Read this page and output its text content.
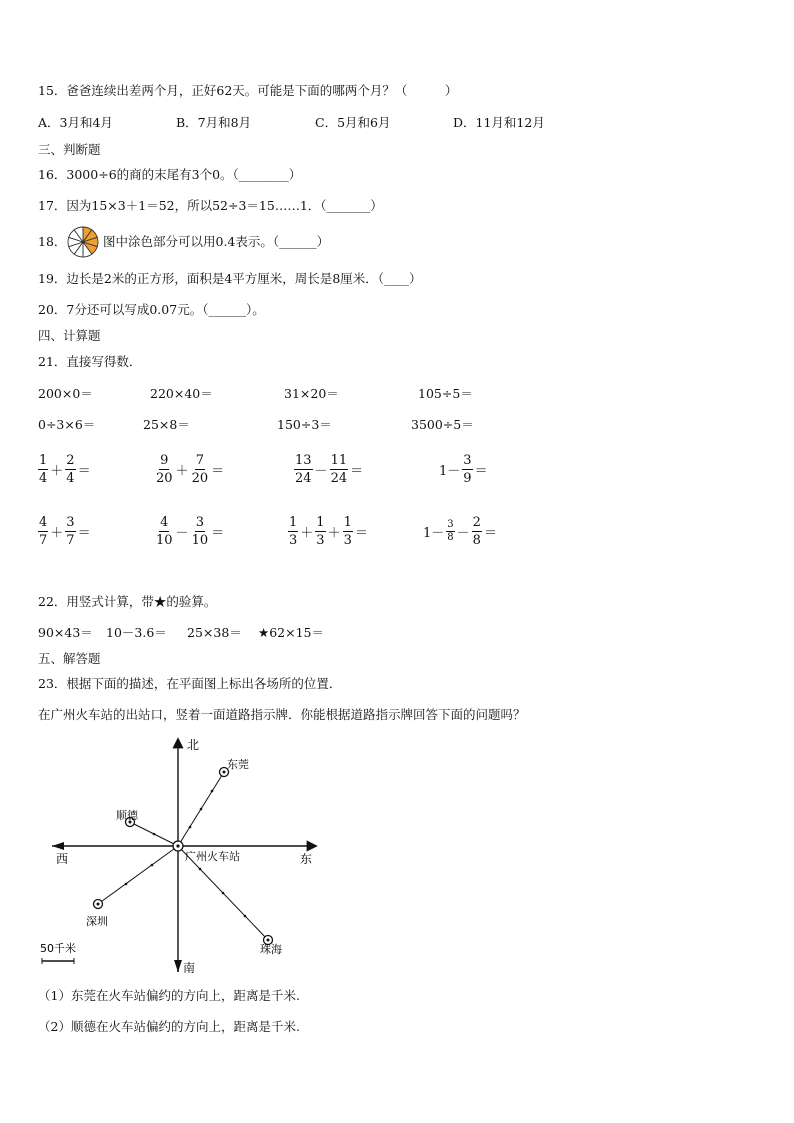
15．爸爸连续出差两个月，正好62天。可能是下面的哪两个月？（　　　）
A．3月和4月	B．7月和8月	C．5月和6月	D．11月和12月
三、判断题
16．3000÷6的商的末尾有3个0。（________）
17．因为15×3＋1＝52，所以52÷3＝15……1．（_______）
18．	图中涂色部分可以用0.4表示。（______）
19．边长是2米的正方形，面积是4平方厘米，周长是8厘米．（____）
20．7分还可以写成0.07元。（______）。
四、计算题
21．直接写得数．
200×0＝	220×40＝	31×20＝	105÷5＝
0÷3×6＝	25×8＝	150÷3＝	3500÷5＝
$\frac{1}{4} + \frac{2}{4}$ ＝	$\frac{9}{20} + \frac{7}{20}$ ＝	$\frac{13}{24} - \frac{11}{24}$ ＝	$1- \frac{3}{9}$ ＝
$\frac{4}{7} + \frac{3}{7}$ ＝	$\frac{4}{10} - \frac{3}{10}$ ＝	$\frac{1}{3} + \frac{1}{3} + \frac{1}{3}$ ＝	$1- \frac{3}{8} - \frac{2}{8}$ ＝
22．用竖式计算，带★的验算。
90×43＝ 10－3.6＝ 25×38＝ ★62×15＝
五、解答题
23．根据下面的描述，在平面图上标出各场所的位置．
在广州火车站的出站口，竖着一面道路指示牌．你能根据道路指示牌回答下面的问题吗？
北
南
东
西	广州火车站
东莞
顺德
深圳
珠海
50千米
（1）东莞在火车站偏约的方向上，距离是千米.
（2）顺德在火车站偏约的方向上，距离是千米.
